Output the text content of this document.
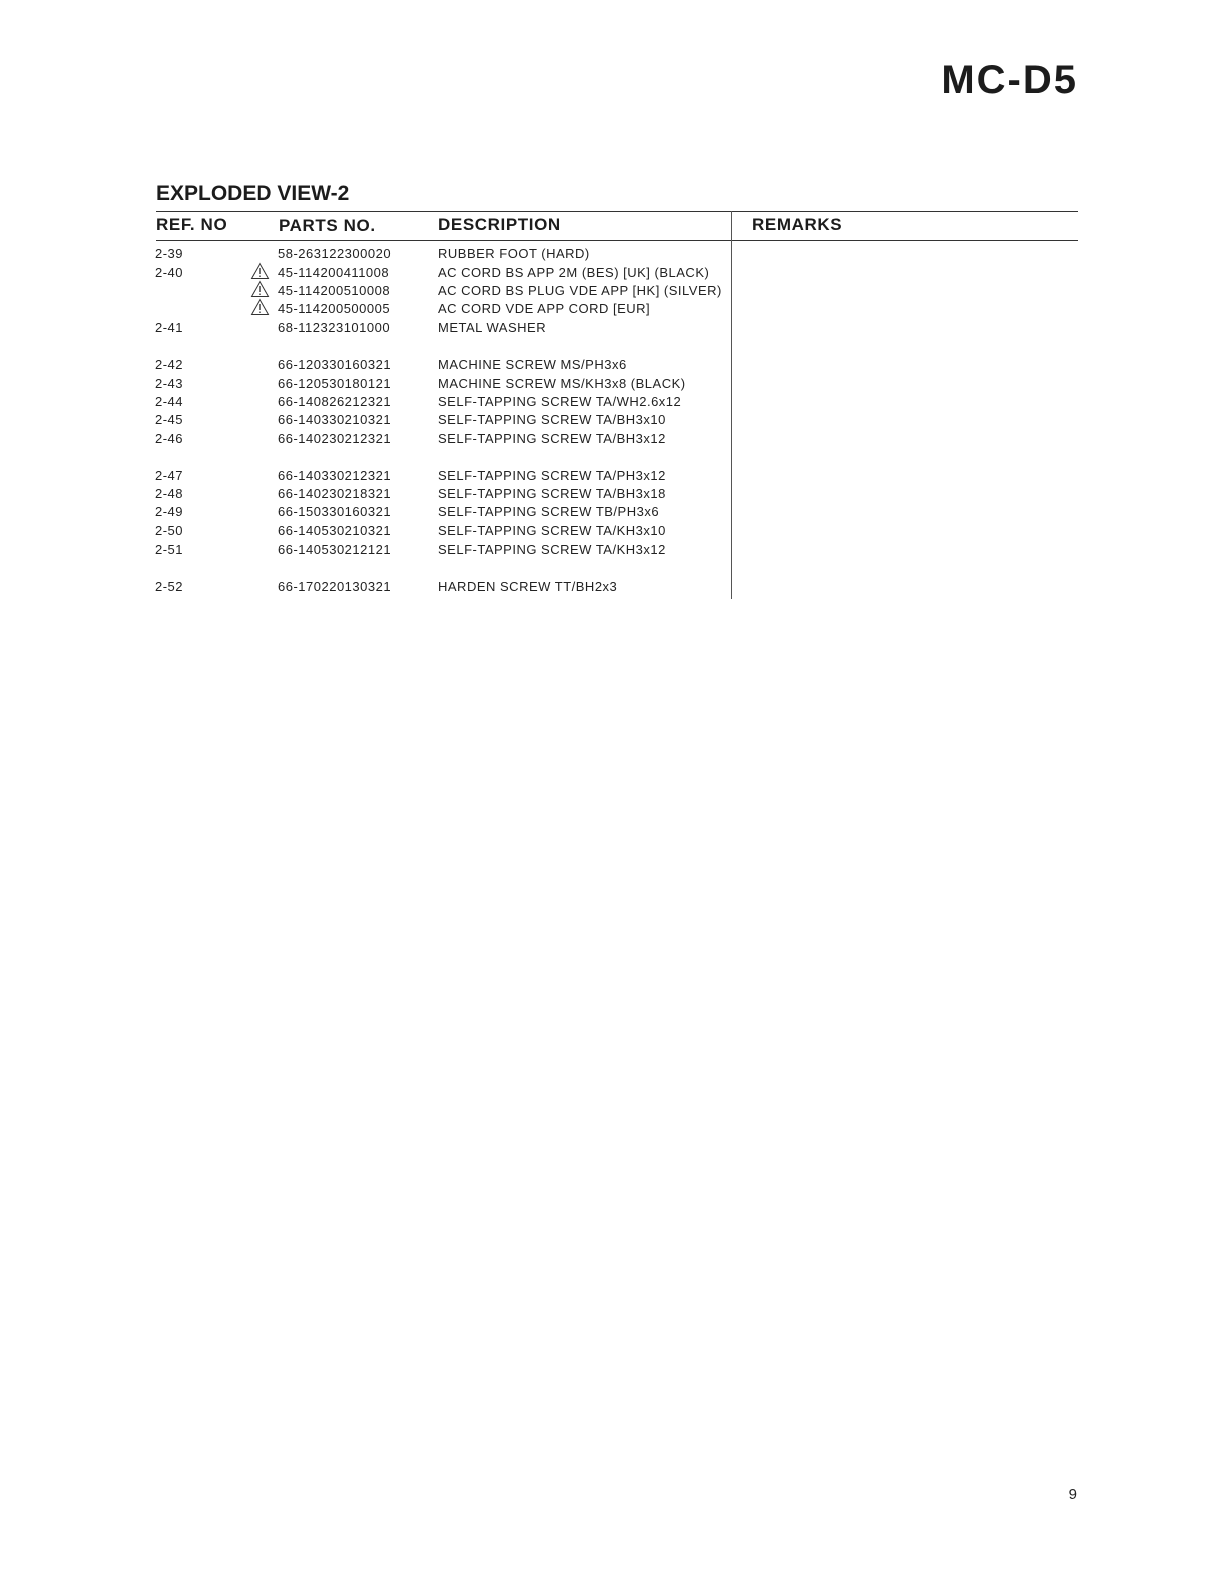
MC-D5
EXPLODED VIEW-2
REF. NO	PARTS NO.	DESCRIPTION	REMARKS
2-39	58-263122300020	RUBBER FOOT (HARD)
2-40	45-114200411008	AC CORD BS APP 2M (BES) [UK] (BLACK)
45-114200510008	AC CORD BS PLUG VDE APP [HK] (SILVER)
45-114200500005	AC CORD VDE APP CORD [EUR]
2-41	68-112323101000	METAL WASHER
2-42	66-120330160321	MACHINE SCREW MS/PH3x6
2-43	66-120530180121	MACHINE SCREW MS/KH3x8 (BLACK)
2-44	66-140826212321	SELF-TAPPING SCREW TA/WH2.6x12
2-45	66-140330210321	SELF-TAPPING SCREW TA/BH3x10
2-46	66-140230212321	SELF-TAPPING SCREW TA/BH3x12
2-47	66-140330212321	SELF-TAPPING SCREW TA/PH3x12
2-48	66-140230218321	SELF-TAPPING SCREW TA/BH3x18
2-49	66-150330160321	SELF-TAPPING SCREW TB/PH3x6
2-50	66-140530210321	SELF-TAPPING SCREW TA/KH3x10
2-51	66-140530212121	SELF-TAPPING SCREW TA/KH3x12
2-52	66-170220130321	HARDEN SCREW TT/BH2x3
9
